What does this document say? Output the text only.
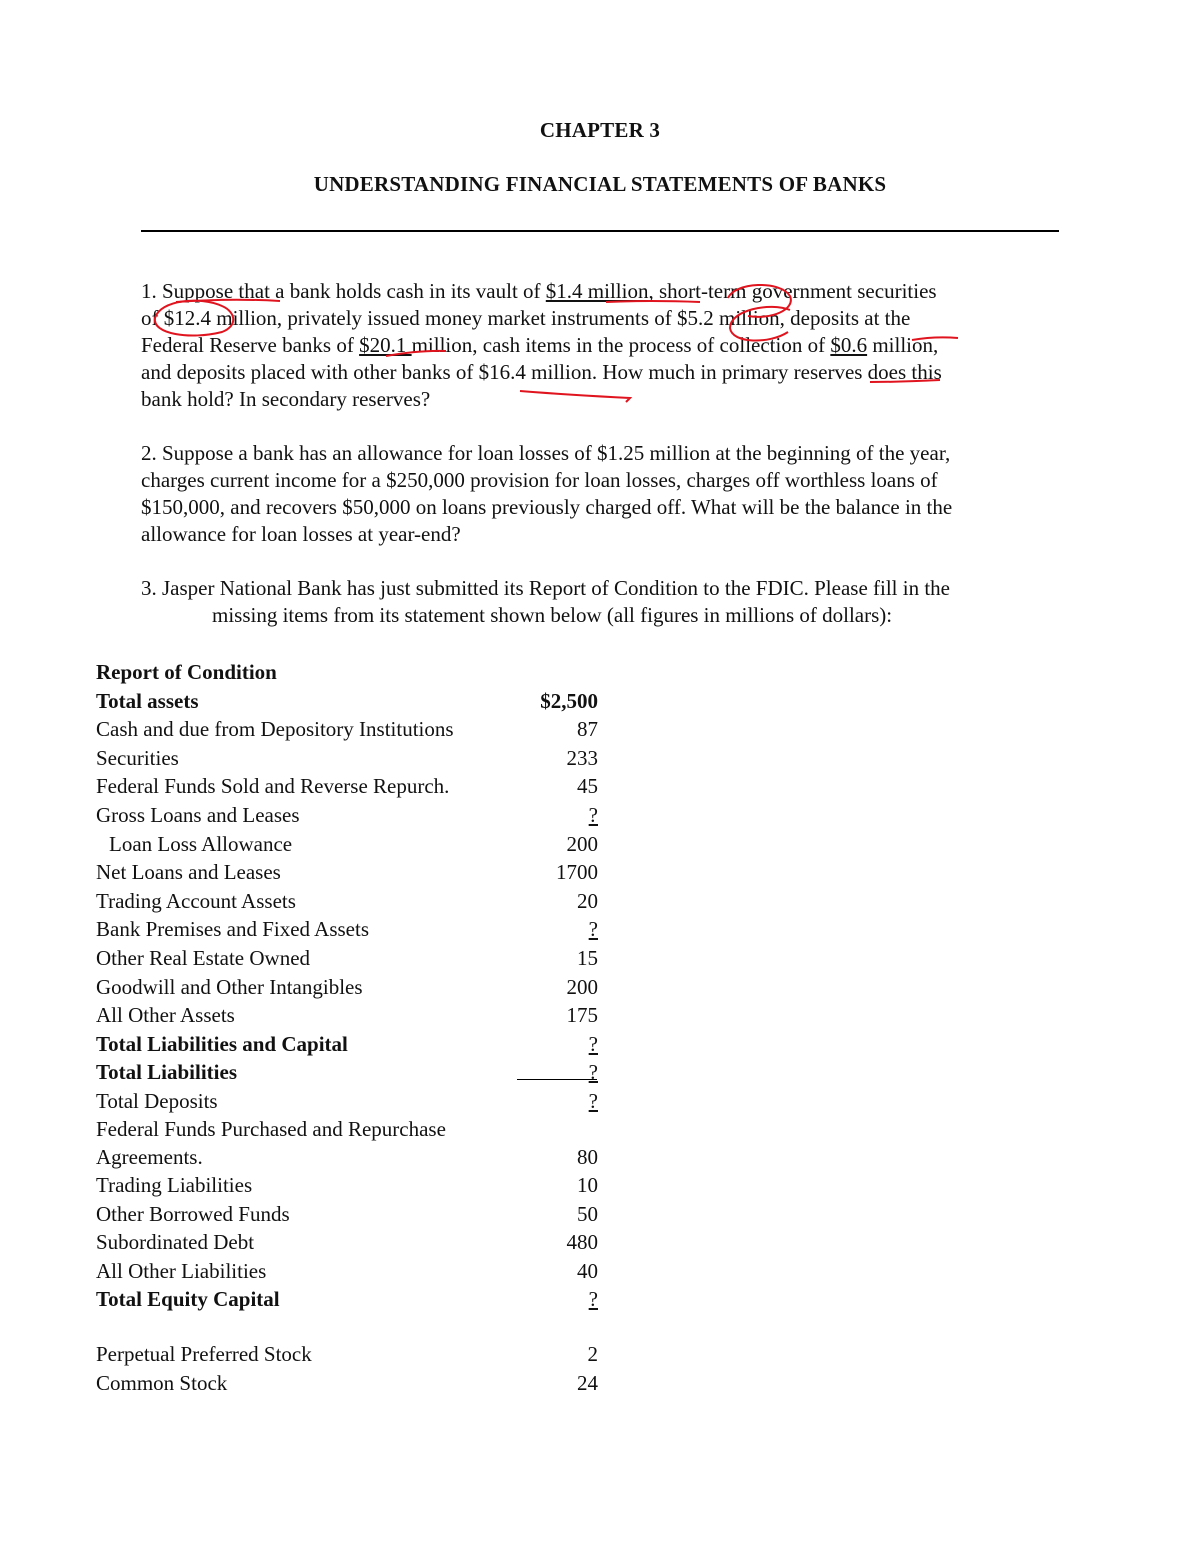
CHAPTER 3
UNDERSTANDING FINANCIAL STATEMENTS OF BANKS
1. Suppose that a bank holds cash in its vault of $1.4 million, short-term government securities
of $12.4 million, privately issued money market instruments of $5.2 million, deposits at the
Federal Reserve banks of $20.1 million, cash items in the process of collection of $0.6 million,
and deposits placed with other banks of $16.4 million. How much in primary reserves does this
bank hold? In secondary reserves?
2. Suppose a bank has an allowance for loan losses of $1.25 million at the beginning of the year,
charges current income for a $250,000 provision for loan losses, charges off worthless loans of
$150,000, and recovers $50,000 on loans previously charged off. What will be the balance in the
allowance for loan losses at year-end?
3. Jasper National Bank has just submitted its Report of Condition to the FDIC. Please fill in the
missing items from its statement shown below (all figures in millions of dollars):
Report of Condition
Total assets	$2,500
Cash and due from Depository Institutions	87
Securities	233
Federal Funds Sold and Reverse Repurch.	45
Gross Loans and Leases	?
Loan Loss Allowance	200
Net Loans and Leases	1700
Trading Account Assets	20
Bank Premises and Fixed Assets	?
Other Real Estate Owned	15
Goodwill and Other Intangibles	200
All Other Assets	175
Total Liabilities and Capital	?
Total Liabilities	?
Total Deposits	?
Federal Funds Purchased and Repurchase
Agreements.	80
Trading Liabilities	10
Other Borrowed Funds	50
Subordinated Debt	480
All Other Liabilities	40
Total Equity Capital	?
Perpetual Preferred Stock	2
Common Stock	24
